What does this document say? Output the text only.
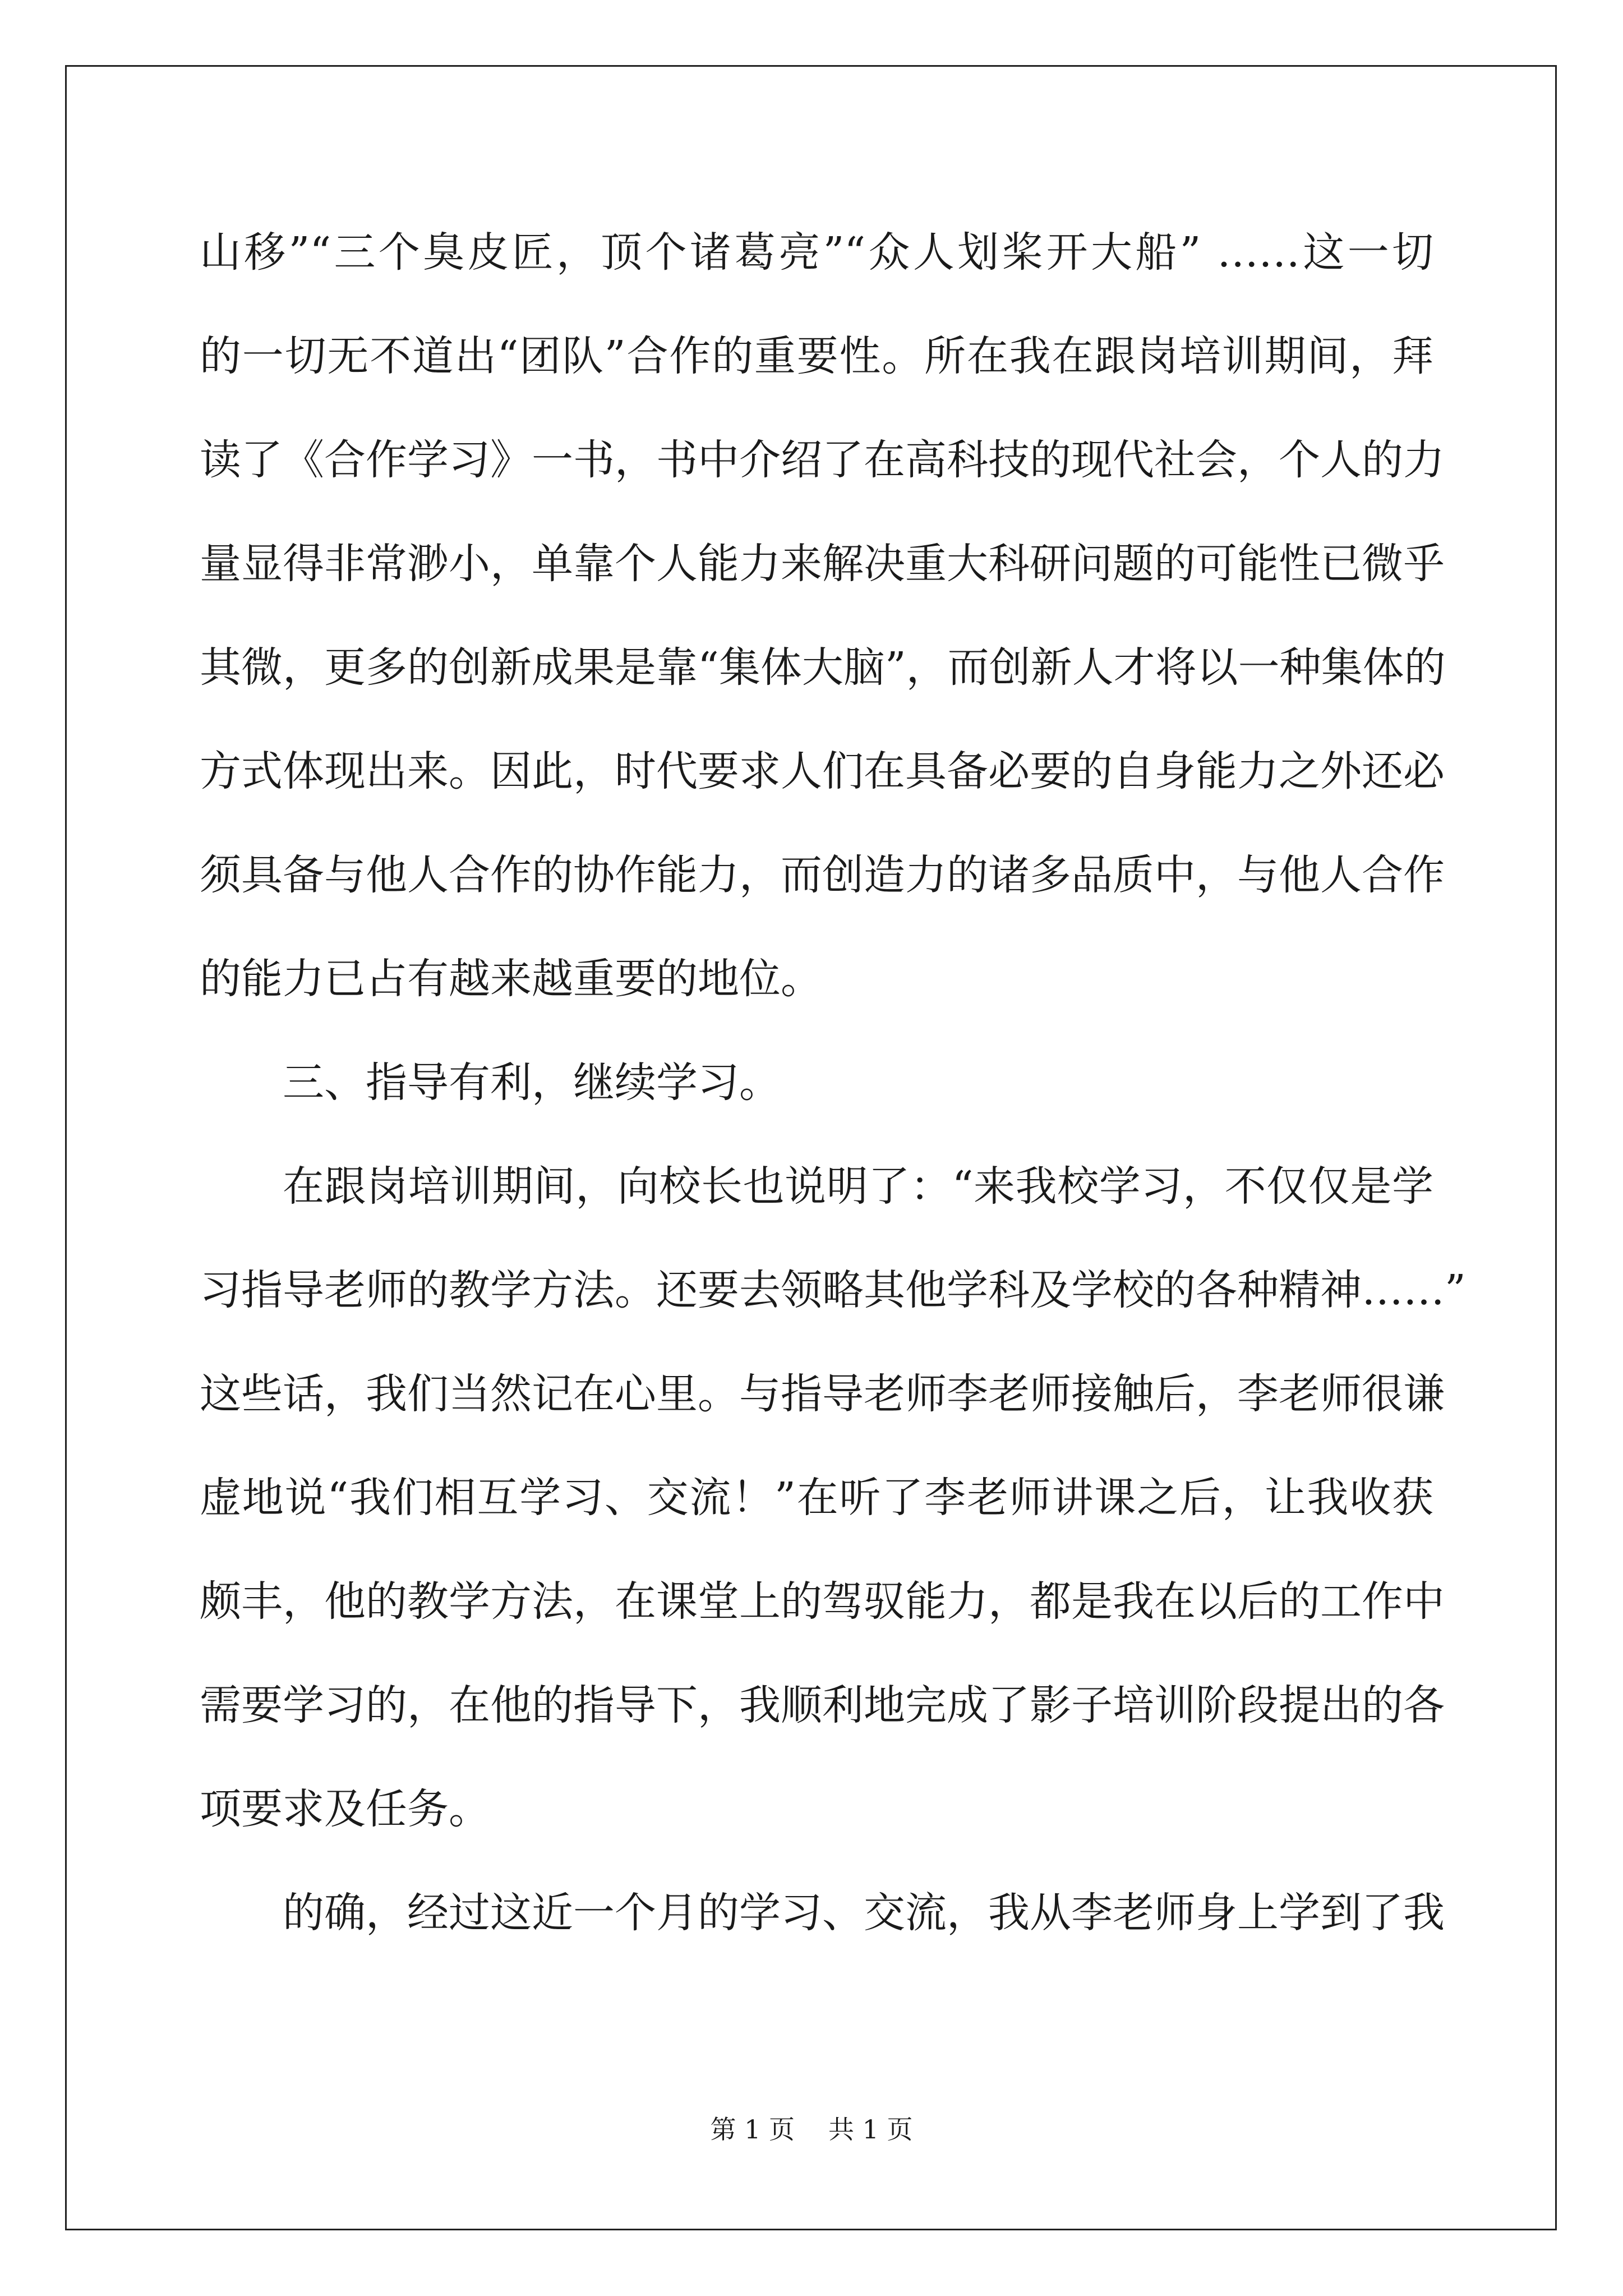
山移”“三个臭皮匠，顶个诸葛亮”“众人划桨开大船” ……这一切
的一切无不道出“团队”合作的重要性。所在我在跟岗培训期间，拜
读了《合作学习》一书，书中介绍了在高科技的现代社会，个人的力
量显得非常渺小，单靠个人能力来解决重大科研问题的可能性已微乎
其微，更多的创新成果是靠“集体大脑”，而创新人才将以一种集体的
方式体现出来。因此，时代要求人们在具备必要的自身能力之外还必
须具备与他人合作的协作能力，而创造力的诸多品质中，与他人合作
的能力已占有越来越重要的地位。
三、指导有利，继续学习。
在跟岗培训期间，向校长也说明了：“来我校学习，不仅仅是学
习指导老师的教学方法。还要去领略其他学科及学校的各种精神……”
这些话，我们当然记在心里。与指导老师李老师接触后，李老师很谦
虚地说“我们相互学习、交流！”在听了李老师讲课之后，让我收获
颇丰，他的教学方法，在课堂上的驾驭能力，都是我在以后的工作中
需要学习的，在他的指导下，我顺利地完成了影子培训阶段提出的各
项要求及任务。
的确，经过这近一个月的学习、交流，我从李老师身上学到了我
第 1 页 共 1 页
